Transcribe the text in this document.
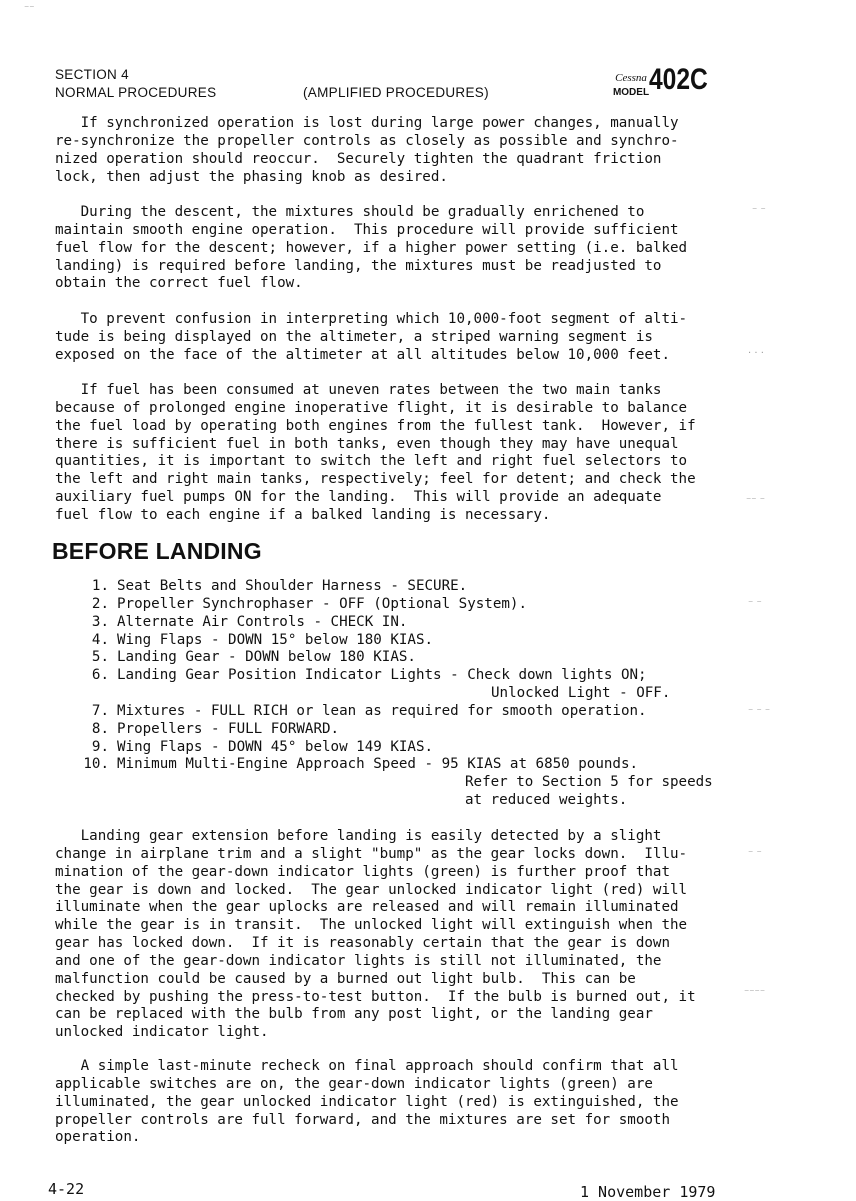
SECTION 4
NORMAL PROCEDURES	(AMPLIFIED PROCEDURES)
Cessna
MODEL 402C

If synchronized operation is lost during large power changes, manually
re-synchronize the propeller controls as closely as possible and synchro-
nized operation should reoccur.  Securely tighten the quadrant friction
lock, then adjust the phasing knob as desired.

During the descent, the mixtures should be gradually enrichened to
maintain smooth engine operation.  This procedure will provide sufficient
fuel flow for the descent; however, if a higher power setting (i.e. balked
landing) is required before landing, the mixtures must be readjusted to
obtain the correct fuel flow.

To prevent confusion in interpreting which 10,000-foot segment of alti-
tude is being displayed on the altimeter, a striped warning segment is
exposed on the face of the altimeter at all altitudes below 10,000 feet.

If fuel has been consumed at uneven rates between the two main tanks
because of prolonged engine inoperative flight, it is desirable to balance
the fuel load by operating both engines from the fullest tank.  However, if
there is sufficient fuel in both tanks, even though they may have unequal
quantities, it is important to switch the left and right fuel selectors to
the left and right main tanks, respectively; feel for detent; and check the
auxiliary fuel pumps ON for the landing.  This will provide an adequate
fuel flow to each engine if a balked landing is necessary.

BEFORE LANDING
1. Seat Belts and Shoulder Harness - SECURE.
2. Propeller Synchrophaser - OFF (Optional System).
3. Alternate Air Controls - CHECK IN.
4. Wing Flaps - DOWN 15° below 180 KIAS.
5. Landing Gear - DOWN below 180 KIAS.
6. Landing Gear Position Indicator Lights - Check down lights ON;
Unlocked Light - OFF.
7. Mixtures - FULL RICH or lean as required for smooth operation.
8. Propellers - FULL FORWARD.
9. Wing Flaps - DOWN 45° below 149 KIAS.
10. Minimum Multi-Engine Approach Speed - 95 KIAS at 6850 pounds.
Refer to Section 5 for speeds
at reduced weights.

Landing gear extension before landing is easily detected by a slight
change in airplane trim and a slight "bump" as the gear locks down.  Illu-
mination of the gear-down indicator lights (green) is further proof that
the gear is down and locked.  The gear unlocked indicator light (red) will
illuminate when the gear uplocks are released and will remain illuminated
while the gear is in transit.  The unlocked light will extinguish when the
gear has locked down.  If it is reasonably certain that the gear is down
and one of the gear-down indicator lights is still not illuminated, the
malfunction could be caused by a burned out light bulb.  This can be
checked by pushing the press-to-test button.  If the bulb is burned out, it
can be replaced with the bulb from any post light, or the landing gear
unlocked indicator light.

A simple last-minute recheck on final approach should confirm that all
applicable switches are on, the gear-down indicator lights (green) are
illuminated, the gear unlocked indicator light (red) is extinguished, the
propeller controls are full forward, and the mixtures are set for smooth
operation.

4-22	1 November 1979
⁻⁻
⁻ ⁻
· · ·
⁻⁻ ⁻
⁻ ⁻
⁻ ⁻ ⁻
⁻ ⁻
⁻⁻⁻⁻
